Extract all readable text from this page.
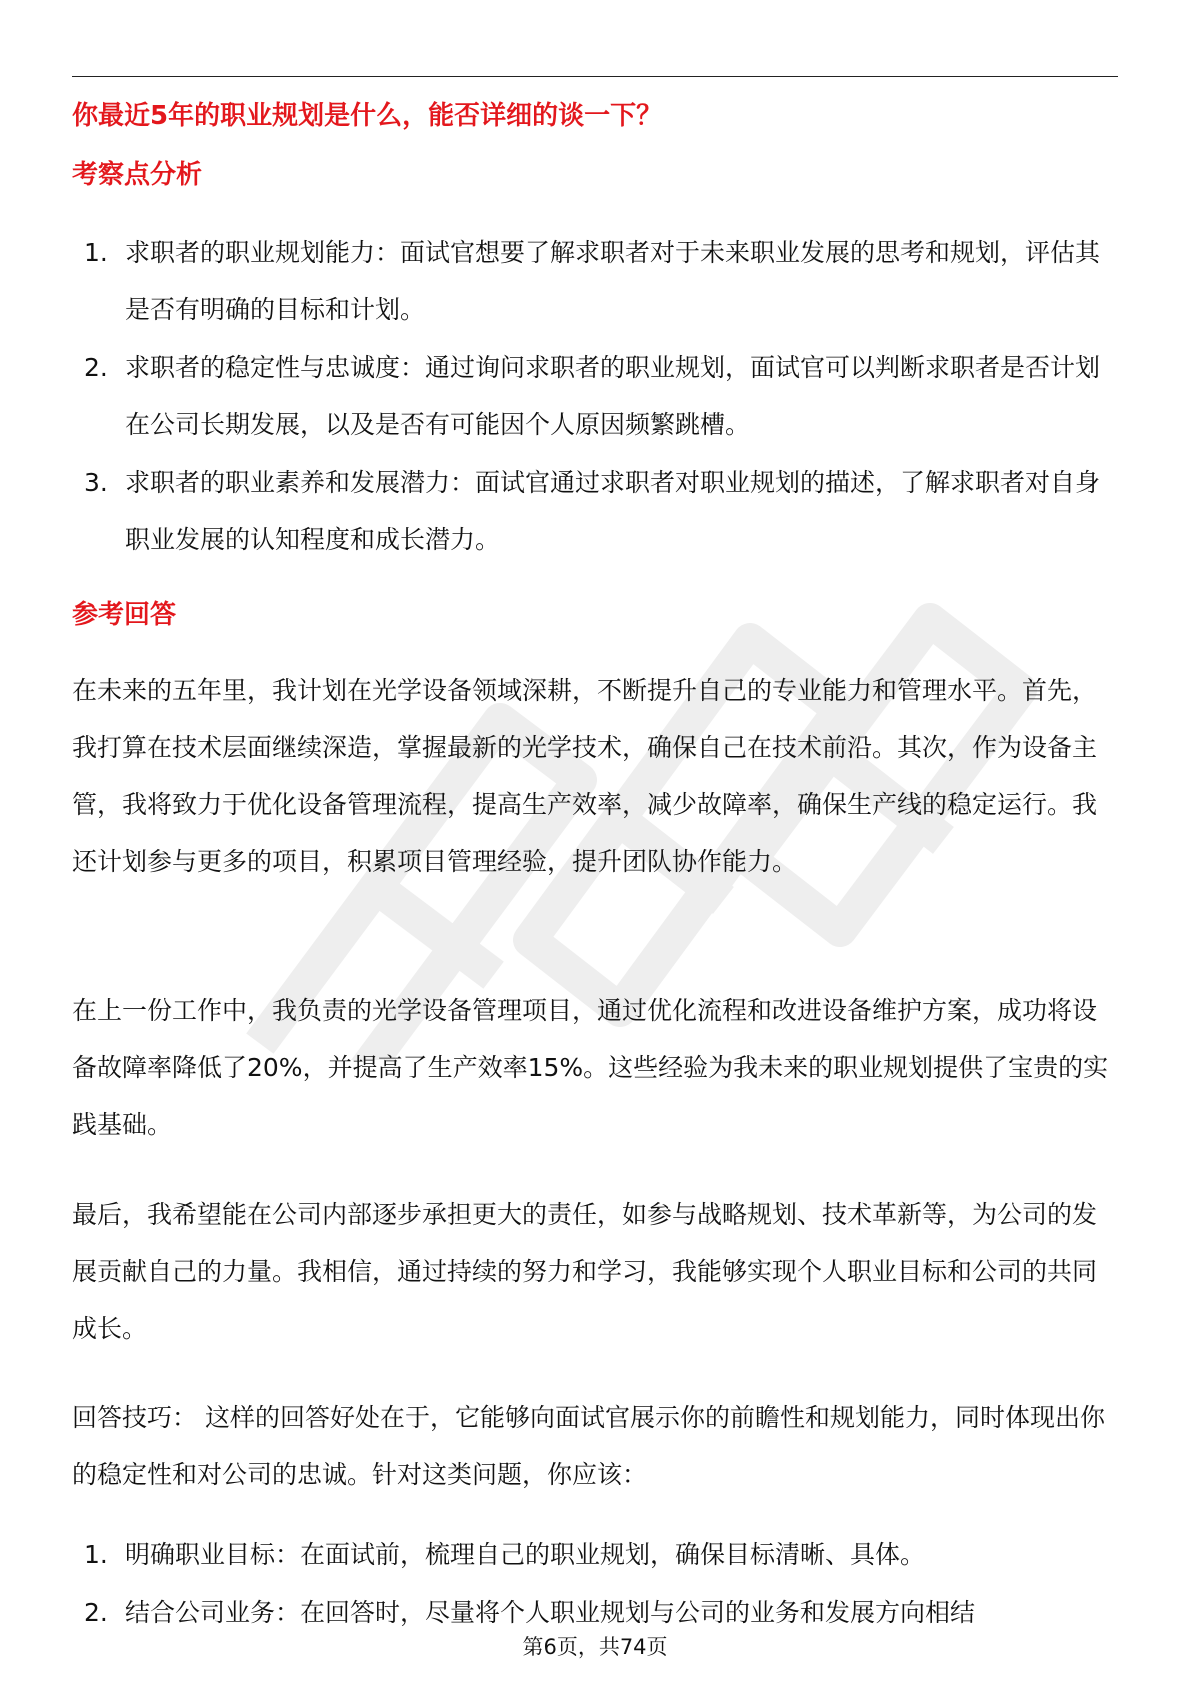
你最近5年的职业规划是什么，能否详细的谈一下？
考察点分析
1. 求职者的职业规划能力：面试官想要了解求职者对于未来职业发展的思考和规划，评估其是否有明确的目标和计划。
2. 求职者的稳定性与忠诚度：通过询问求职者的职业规划，面试官可以判断求职者是否计划在公司长期发展，以及是否有可能因个人原因频繁跳槽。
3. 求职者的职业素养和发展潜力：面试官通过求职者对职业规划的描述，了解求职者对自身职业发展的认知程度和成长潜力。
参考回答

在未来的五年里，我计划在光学设备领域深耕，不断提升自己的专业能力和管理水平。首先，我打算在技术层面继续深造，掌握最新的光学技术，确保自己在技术前沿。其次，作为设备主管，我将致力于优化设备管理流程，提高生产效率，减少故障率，确保生产线的稳定运行。我还计划参与更多的项目，积累项目管理经验，提升团队协作能力。

在上一份工作中，我负责的光学设备管理项目，通过优化流程和改进设备维护方案，成功将设备故障率降低了20%，并提高了生产效率15%。这些经验为我未来的职业规划提供了宝贵的实践基础。

最后，我希望能在公司内部逐步承担更大的责任，如参与战略规划、技术革新等，为公司的发展贡献自己的力量。我相信，通过持续的努力和学习，我能够实现个人职业目标和公司的共同成长。

回答技巧： 这样的回答好处在于，它能够向面试官展示你的前瞻性和规划能力，同时体现出你的稳定性和对公司的忠诚。针对这类问题，你应该：

1. 明确职业目标：在面试前，梳理自己的职业规划，确保目标清晰、具体。
2. 结合公司业务：在回答时，尽量将个人职业规划与公司的业务和发展方向相结

第6页，共74页
